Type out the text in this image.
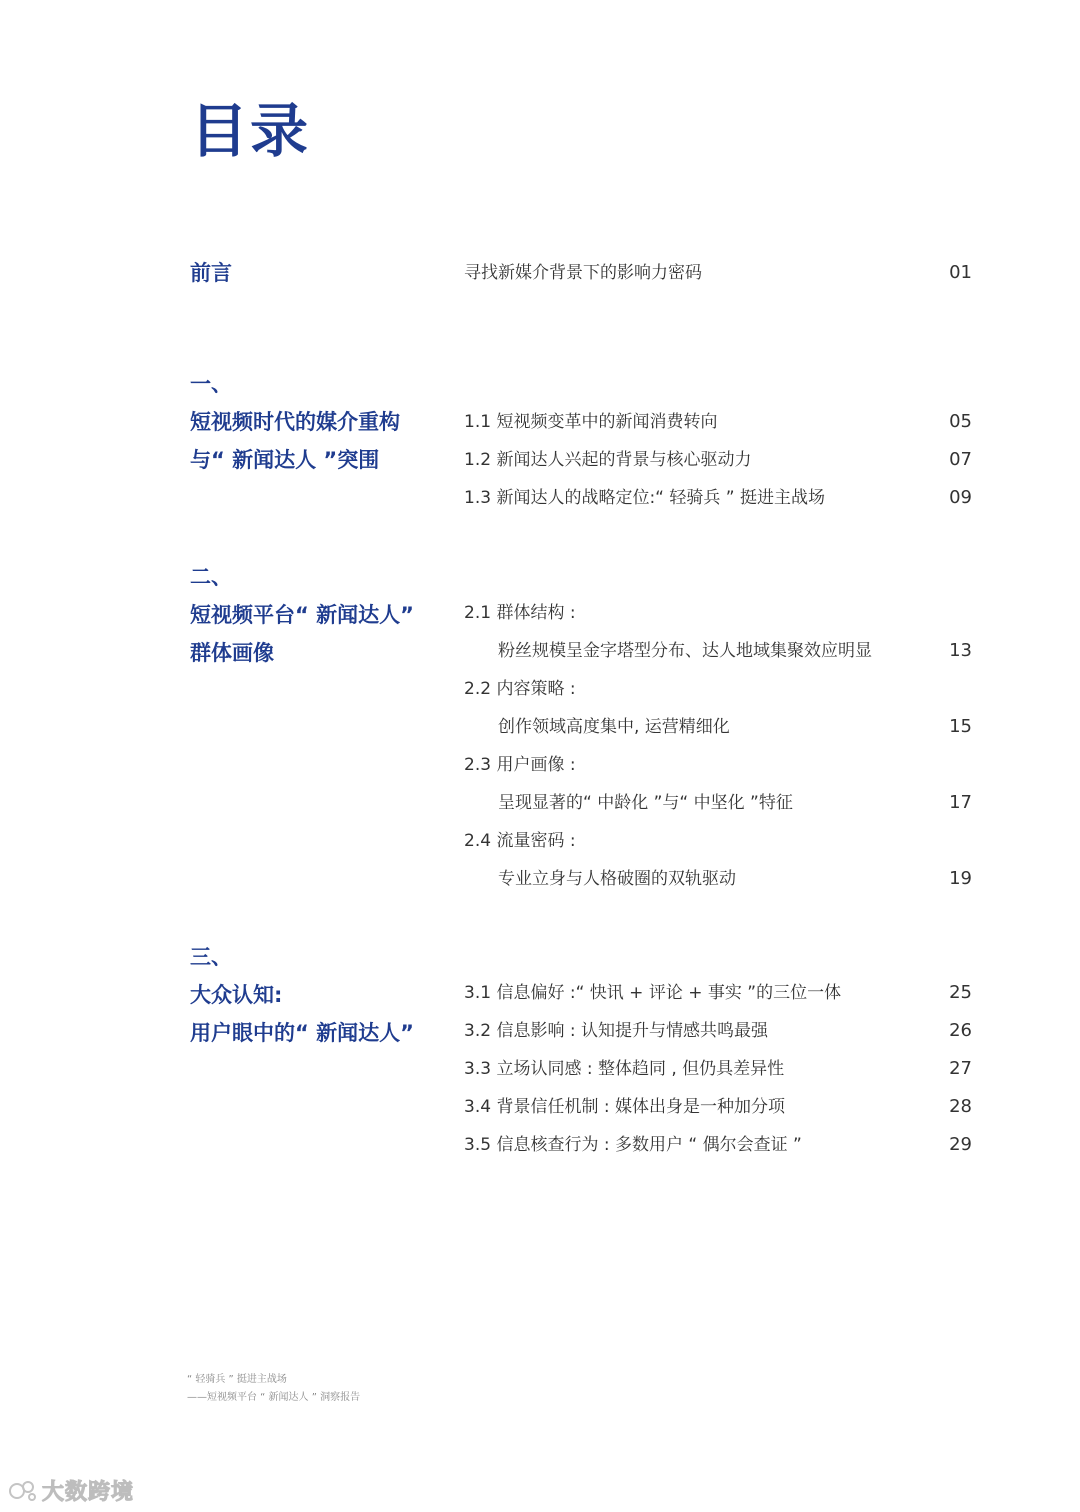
目录
前言	寻找新媒介背景下的影响力密码	01
一、
短视频时代的媒介重构
与“ 新闻达人 ”突围
1.1 短视频变革中的新闻消费转向	05
1.2 新闻达人兴起的背景与核心驱动力	07
1.3 新闻达人的战略定位:“ 轻骑兵 ” 挺进主战场	09
二、
短视频平台“ 新闻达人”
群体画像
2.1 群体结构 :
粉丝规模呈金字塔型分布、达人地域集聚效应明显	13
2.2 内容策略 :
创作领域高度集中, 运营精细化	15
2.3 用户画像 :
呈现显著的“ 中龄化 ”与“ 中坚化 ”特征	17
2.4 流量密码 :
专业立身与人格破圈的双轨驱动	19
三、
大众认知:
用户眼中的“ 新闻达人”
3.1 信息偏好 :“ 快讯 + 评论 + 事实 ”的三位一体	25
3.2 信息影响 : 认知提升与情感共鸣最强	26
3.3 立场认同感 : 整体趋同 , 但仍具差异性	27
3.4 背景信任机制 : 媒体出身是一种加分项	28
3.5 信息核查行为 : 多数用户 “ 偶尔会查证 ”	29
“ 轻骑兵 ” 挺进主战场
——短视频平台 “ 新闻达人 ” 洞察报告
大数跨境
